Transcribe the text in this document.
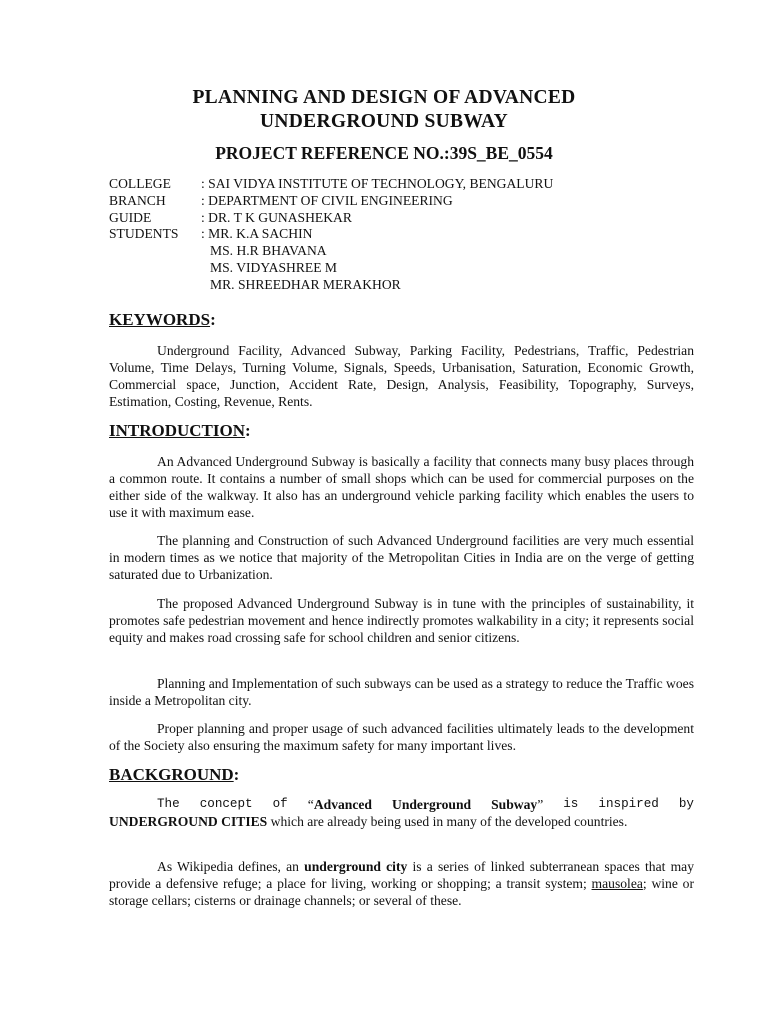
PLANNING AND DESIGN OF ADVANCED
UNDERGROUND SUBWAY
PROJECT REFERENCE NO.:39S_BE_0554
COLLEGE	: SAI VIDYA INSTITUTE OF TECHNOLOGY, BENGALURU
BRANCH	: DEPARTMENT OF CIVIL ENGINEERING
GUIDE	: DR. T K GUNASHEKAR
STUDENTS	: MR. K.A SACHIN
MS. H.R BHAVANA
MS. VIDYASHREE M
MR. SHREEDHAR MERAKHOR
KEYWORDS:
Underground Facility, Advanced Subway, Parking Facility, Pedestrians, Traffic, Pedestrian Volume, Time Delays, Turning Volume, Signals, Speeds, Urbanisation, Saturation, Economic Growth, Commercial space, Junction, Accident Rate, Design, Analysis, Feasibility, Topography, Surveys, Estimation, Costing, Revenue, Rents.
INTRODUCTION:
An Advanced Underground Subway is basically a facility that connects many busy places through a common route. It contains a number of small shops which can be used for commercial purposes on the either side of the walkway. It also has an underground vehicle parking facility which enables the users to use it with maximum ease.
The planning and Construction of such Advanced Underground facilities are very much essential in modern times as we notice that majority of the Metropolitan Cities in India are on the verge of getting saturated due to Urbanization.
The proposed Advanced Underground Subway is in tune with the principles of sustainability, it promotes safe pedestrian movement and hence indirectly promotes walkability in a city; it represents social equity and makes road crossing safe for school children and senior citizens.
Planning and Implementation of such subways can be used as a strategy to reduce the Traffic woes inside a Metropolitan city.
Proper planning and proper usage of such advanced facilities ultimately leads to the development of the Society also ensuring the maximum safety for many important lives.
BACKGROUND:
The concept of “Advanced Underground Subway” is inspired by
UNDERGROUND CITIES which are already being used in many of the developed countries.
As Wikipedia defines, an underground city is a series of linked subterranean spaces that may provide a defensive refuge; a place for living, working or shopping; a transit system; mausolea; wine or storage cellars; cisterns or drainage channels; or several of these.
